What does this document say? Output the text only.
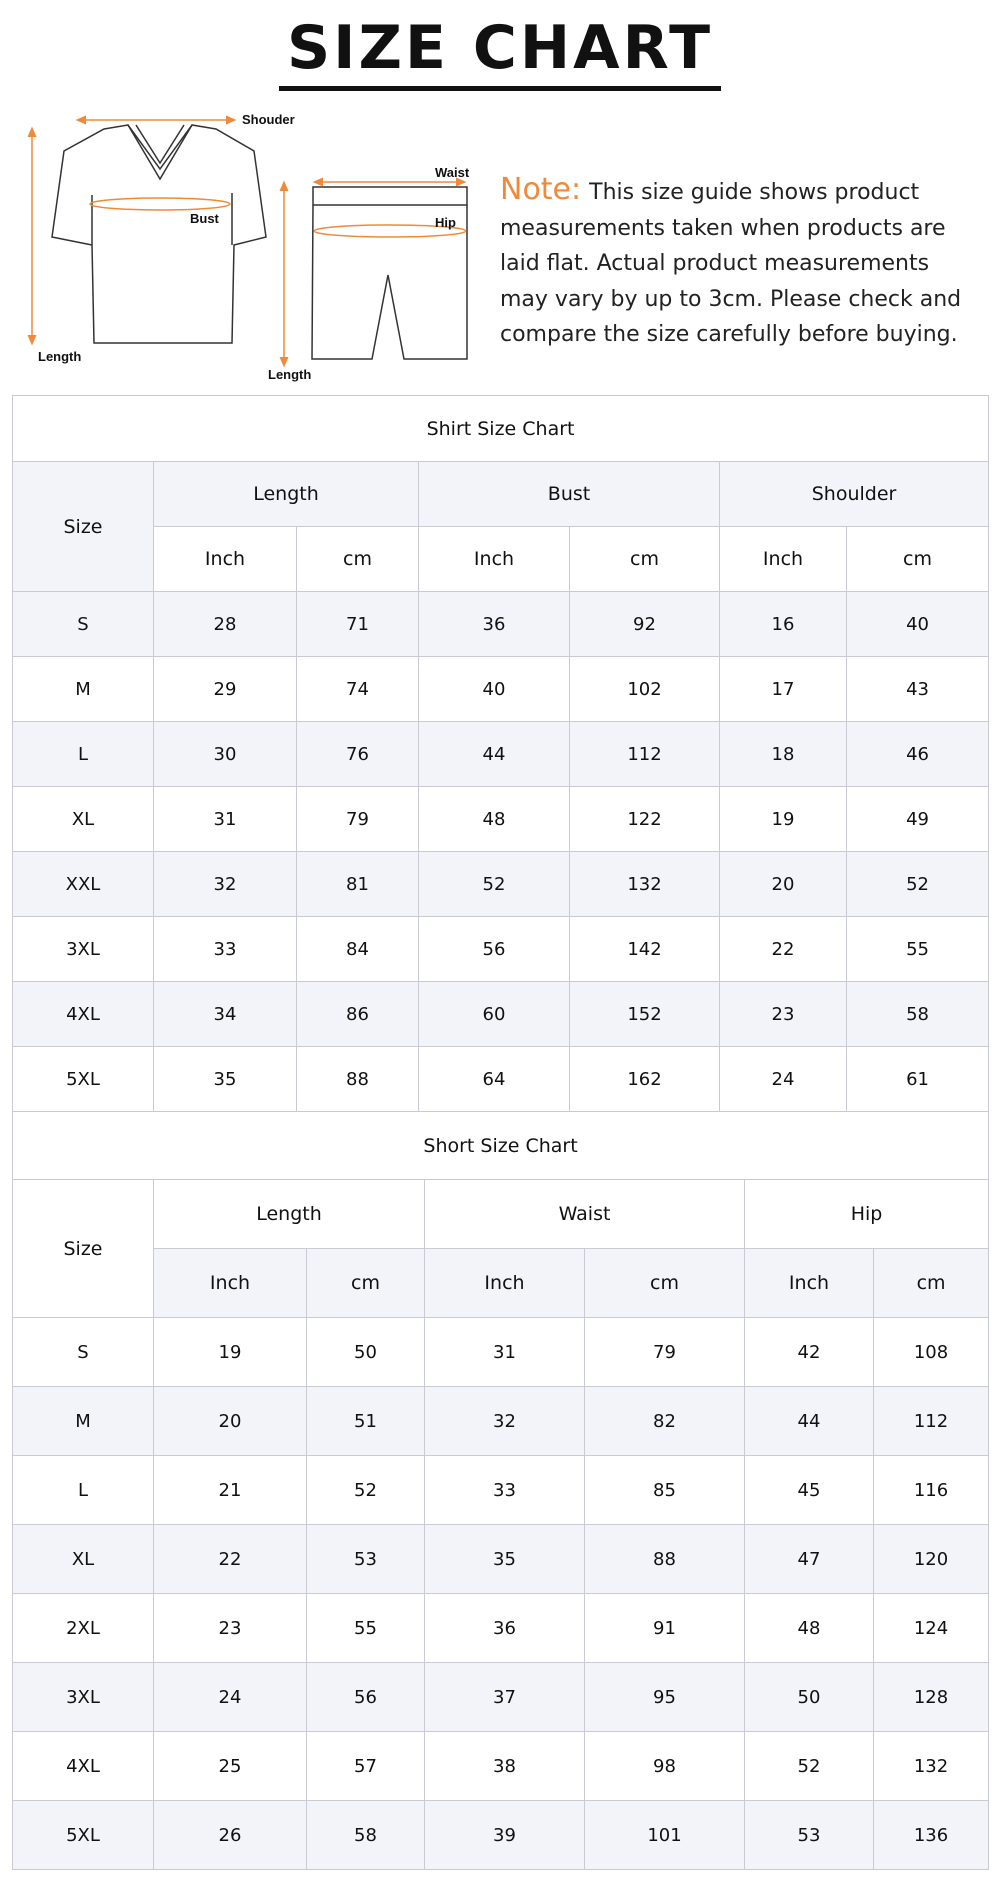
SIZE CHART
Shouder
Bust
Length
Waist
Hip
Length
Note: This size guide shows product measurements taken when products are laid flat. Actual product measurements may vary by up to 3cm. Please check and compare the size carefully before buying.
Shirt Size Chart						
Size	Length		Bust		Shoulder	
	Inch	cm	Inch	cm	Inch	cm
S	28	71	36	92	16	40
M	29	74	40	102	17	43
L	30	76	44	112	18	46
XL	31	79	48	122	19	49
XXL	32	81	52	132	20	52
3XL	33	84	56	142	22	55
4XL	34	86	60	152	23	58
5XL	35	88	64	162	24	61
Short Size Chart						
Size	Length		Waist		Hip	
	Inch	cm	Inch	cm	Inch	cm
S	19	50	31	79	42	108
M	20	51	32	82	44	112
L	21	52	33	85	45	116
XL	22	53	35	88	47	120
2XL	23	55	36	91	48	124
3XL	24	56	37	95	50	128
4XL	25	57	38	98	52	132
5XL	26	58	39	101	53	136
